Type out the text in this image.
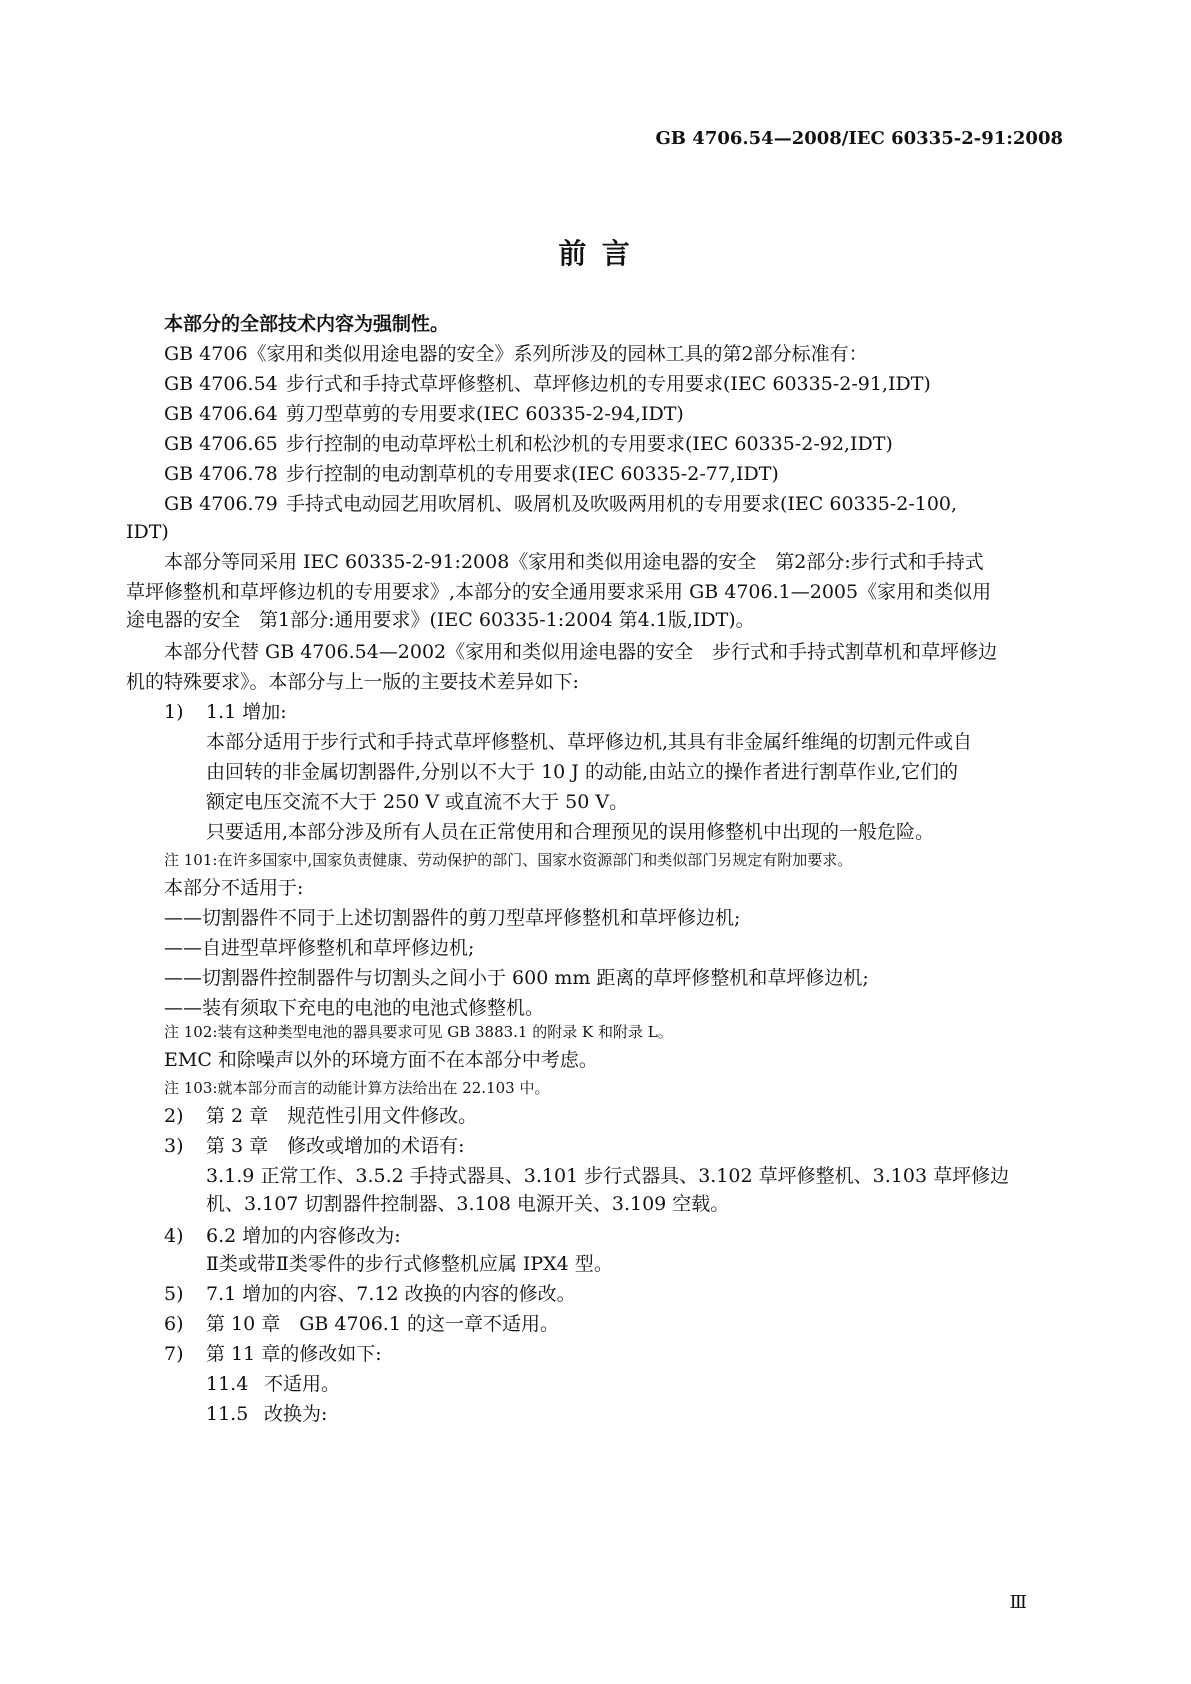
GB 4706.54—2008/IEC 60335-2-91:2008
前 言
本部分的全部技术内容为强制性。
GB 4706《家用和类似用途电器的安全》系列所涉及的园林工具的第2部分标准有：
GB 4706.54 步行式和手持式草坪修整机、草坪修边机的专用要求(IEC 60335-2-91,IDT)
GB 4706.64 剪刀型草剪的专用要求(IEC 60335-2-94,IDT)
GB 4706.65 步行控制的电动草坪松土机和松沙机的专用要求(IEC 60335-2-92,IDT)
GB 4706.78 步行控制的电动割草机的专用要求(IEC 60335-2-77,IDT)
GB 4706.79 手持式电动园艺用吹屑机、吸屑机及吹吸两用机的专用要求(IEC 60335-2-100,
IDT)
本部分等同采用 IEC 60335-2-91:2008《家用和类似用途电器的安全　第2部分:步行式和手持式
草坪修整机和草坪修边机的专用要求》,本部分的安全通用要求采用 GB 4706.1—2005《家用和类似用
途电器的安全　第1部分:通用要求》(IEC 60335-1:2004 第4.1版,IDT)。
本部分代替 GB 4706.54—2002《家用和类似用途电器的安全　步行式和手持式割草机和草坪修边
机的特殊要求》。本部分与上一版的主要技术差异如下:
1) 1.1 增加:
本部分适用于步行式和手持式草坪修整机、草坪修边机,其具有非金属纤维绳的切割元件或自
由回转的非金属切割器件,分别以不大于 10 J 的动能,由站立的操作者进行割草作业,它们的
额定电压交流不大于 250 V 或直流不大于 50 V。
只要适用,本部分涉及所有人员在正常使用和合理预见的误用修整机中出现的一般危险。
注 101:在许多国家中,国家负责健康、劳动保护的部门、国家水资源部门和类似部门另规定有附加要求。
本部分不适用于:
——切割器件不同于上述切割器件的剪刀型草坪修整机和草坪修边机;
——自进型草坪修整机和草坪修边机;
——切割器件控制器件与切割头之间小于 600 mm 距离的草坪修整机和草坪修边机;
——装有须取下充电的电池的电池式修整机。
注 102:装有这种类型电池的器具要求可见 GB 3883.1 的附录 K 和附录 L。
EMC 和除噪声以外的环境方面不在本部分中考虑。
注 103:就本部分而言的动能计算方法给出在 22.103 中。
2) 第 2 章　规范性引用文件修改。
3) 第 3 章　修改或增加的术语有:
3.1.9 正常工作、3.5.2 手持式器具、3.101 步行式器具、3.102 草坪修整机、3.103 草坪修边
机、3.107 切割器件控制器、3.108 电源开关、3.109 空载。
4) 6.2 增加的内容修改为:
Ⅱ类或带Ⅱ类零件的步行式修整机应属 IPX4 型。
5) 7.1 增加的内容、7.12 改换的内容的修改。
6) 第 10 章　GB 4706.1 的这一章不适用。
7) 第 11 章的修改如下:
11.4 不适用。
11.5 改换为:
Ⅲ
